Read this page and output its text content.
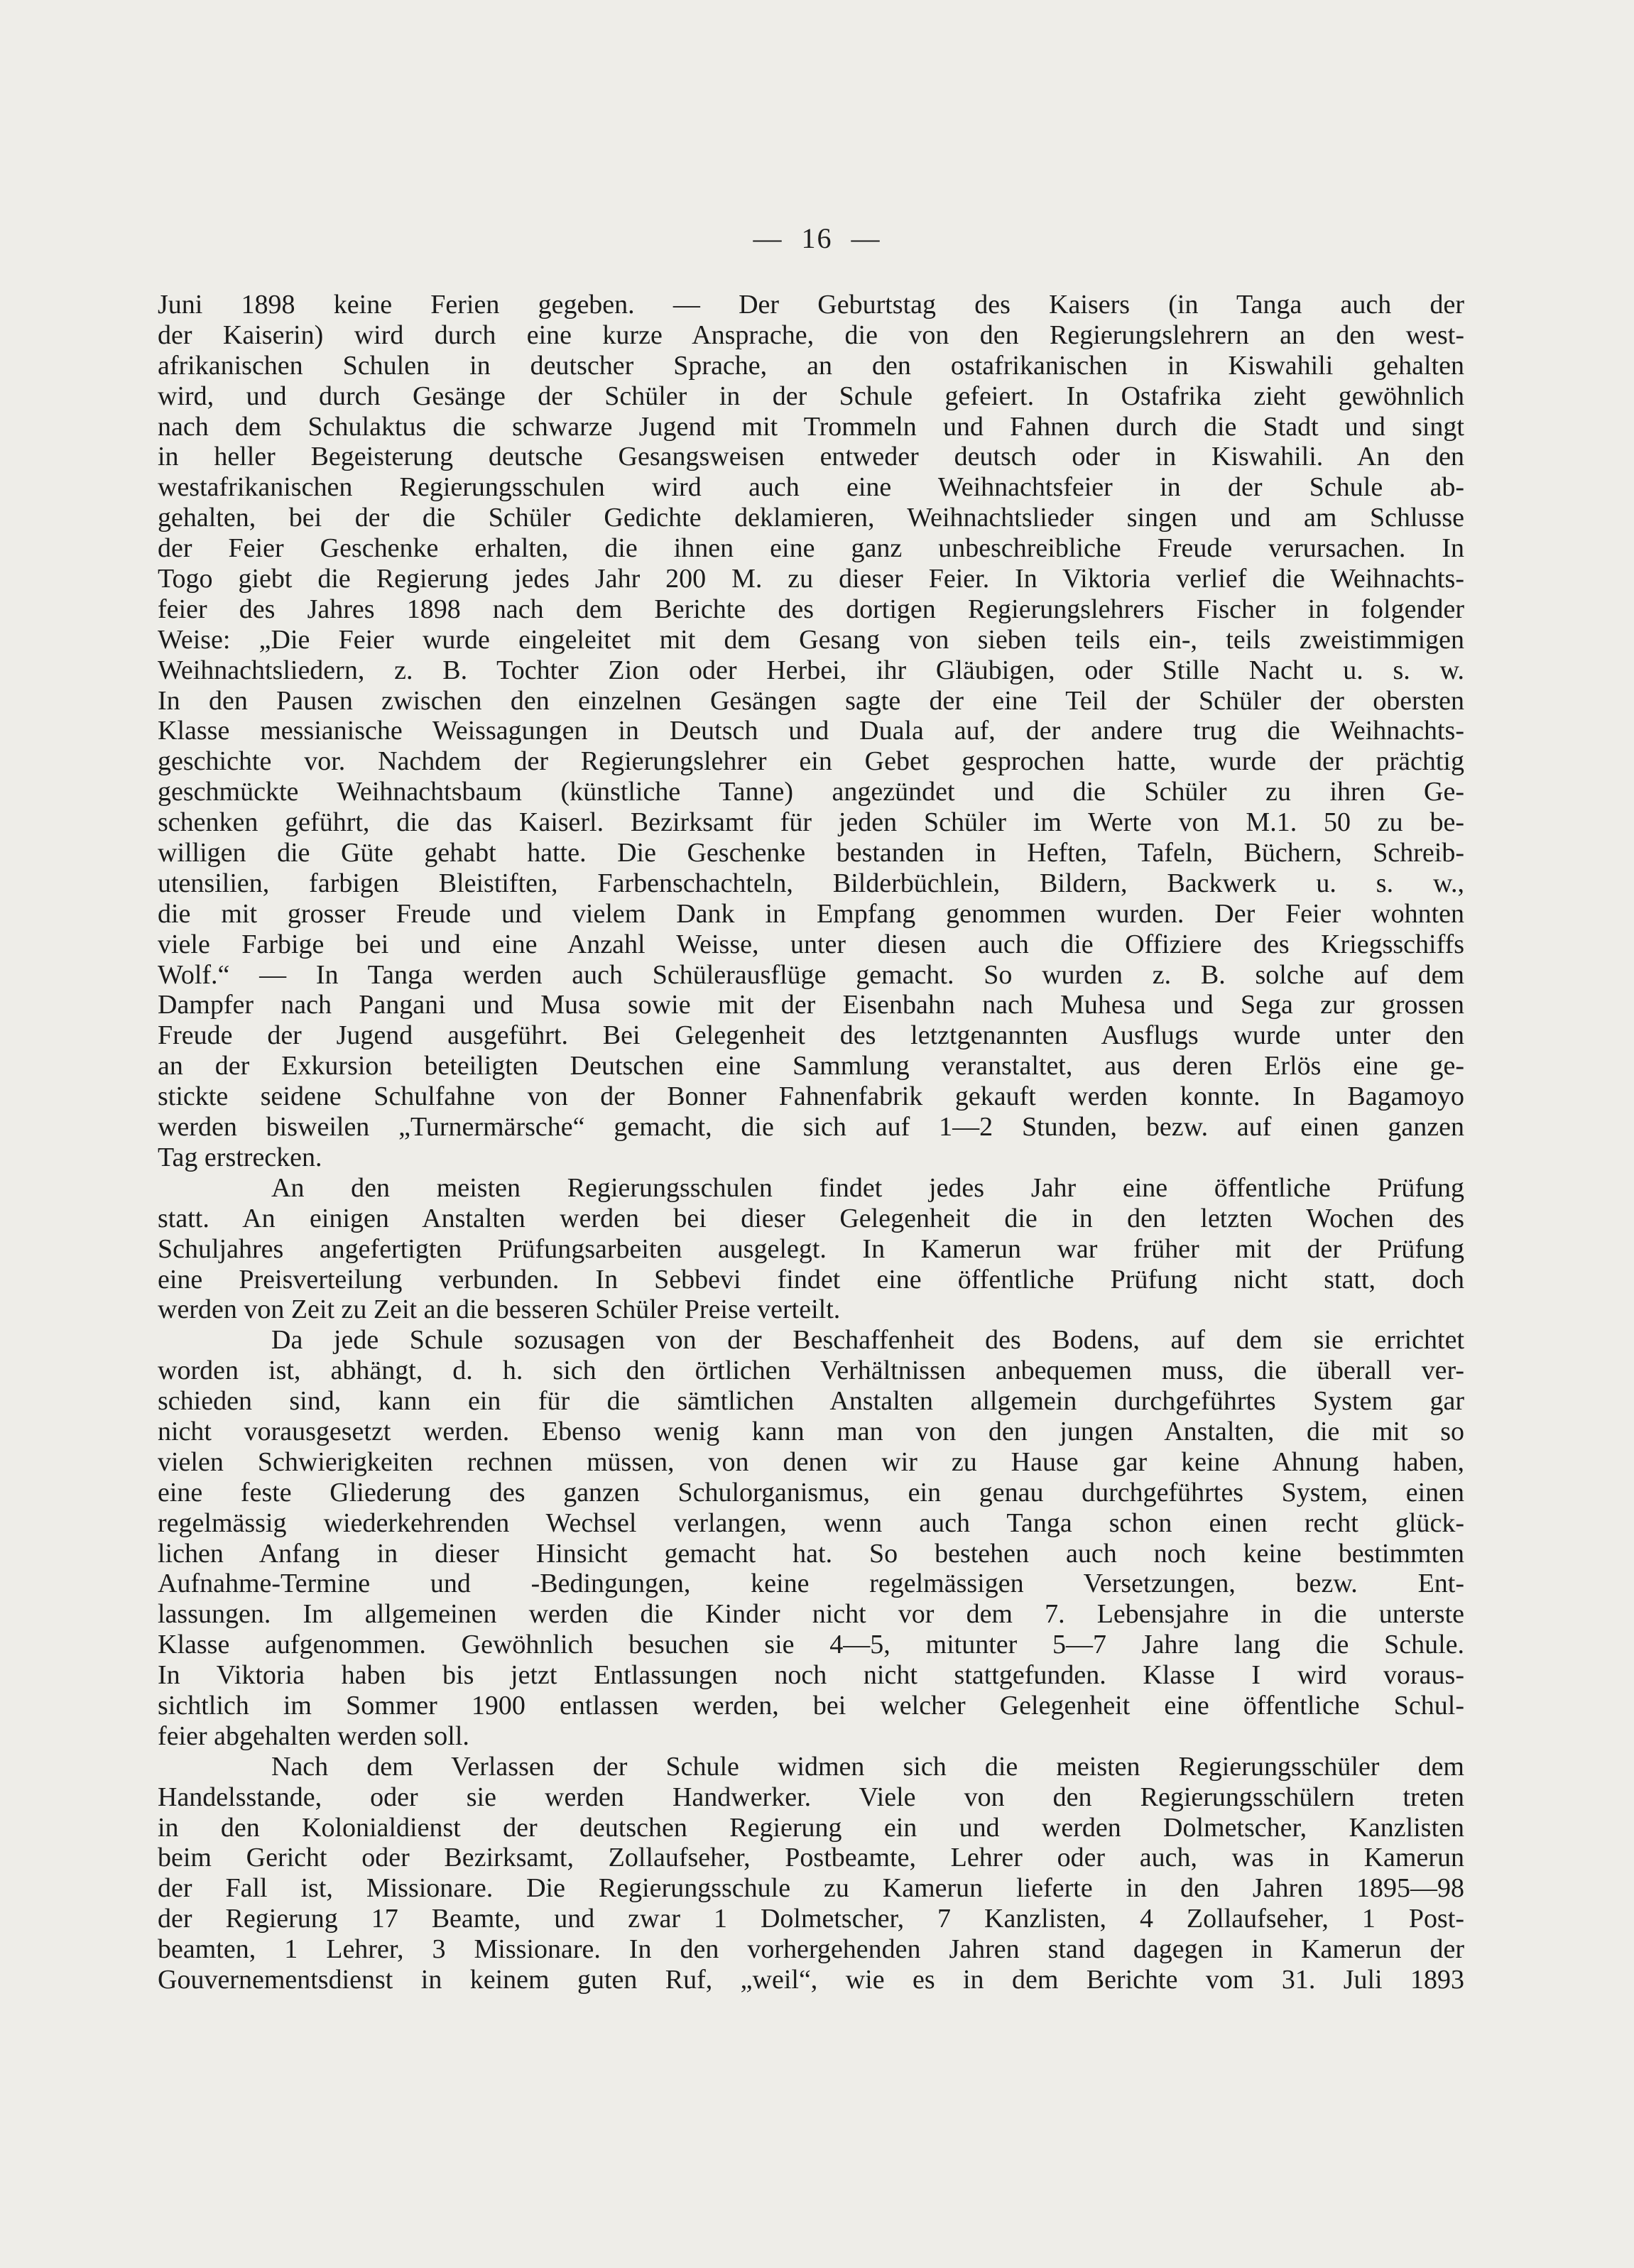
— 16 —
Juni 1898 keine Ferien gegeben. — Der Geburtstag des Kaisers (in Tanga auch der
der Kaiserin) wird durch eine kurze Ansprache, die von den Regierungslehrern an den west-
afrikanischen Schulen in deutscher Sprache, an den ostafrikanischen in Kiswahili gehalten
wird, und durch Gesänge der Schüler in der Schule gefeiert. In Ostafrika zieht gewöhnlich
nach dem Schulaktus die schwarze Jugend mit Trommeln und Fahnen durch die Stadt und singt
in heller Begeisterung deutsche Gesangsweisen entweder deutsch oder in Kiswahili. An den
westafrikanischen Regierungsschulen wird auch eine Weihnachtsfeier in der Schule ab-
gehalten, bei der die Schüler Gedichte deklamieren, Weihnachtslieder singen und am Schlusse
der Feier Geschenke erhalten, die ihnen eine ganz unbeschreibliche Freude verursachen. In
Togo giebt die Regierung jedes Jahr 200 M. zu dieser Feier. In Viktoria verlief die Weihnachts-
feier des Jahres 1898 nach dem Berichte des dortigen Regierungslehrers Fischer in folgender
Weise: „Die Feier wurde eingeleitet mit dem Gesang von sieben teils ein-, teils zweistimmigen
Weihnachtsliedern, z. B. Tochter Zion oder Herbei, ihr Gläubigen, oder Stille Nacht u. s. w.
In den Pausen zwischen den einzelnen Gesängen sagte der eine Teil der Schüler der obersten
Klasse messianische Weissagungen in Deutsch und Duala auf, der andere trug die Weihnachts-
geschichte vor. Nachdem der Regierungslehrer ein Gebet gesprochen hatte, wurde der prächtig
geschmückte Weihnachtsbaum (künstliche Tanne) angezündet und die Schüler zu ihren Ge-
schenken geführt, die das Kaiserl. Bezirksamt für jeden Schüler im Werte von M.1. 50 zu be-
willigen die Güte gehabt hatte. Die Geschenke bestanden in Heften, Tafeln, Büchern, Schreib-
utensilien, farbigen Bleistiften, Farbenschachteln, Bilderbüchlein, Bildern, Backwerk u. s. w.,
die mit grosser Freude und vielem Dank in Empfang genommen wurden. Der Feier wohnten
viele Farbige bei und eine Anzahl Weisse, unter diesen auch die Offiziere des Kriegsschiffs
Wolf.“ — In Tanga werden auch Schülerausflüge gemacht. So wurden z. B. solche auf dem
Dampfer nach Pangani und Musa sowie mit der Eisenbahn nach Muhesa und Sega zur grossen
Freude der Jugend ausgeführt. Bei Gelegenheit des letztgenannten Ausflugs wurde unter den
an der Exkursion beteiligten Deutschen eine Sammlung veranstaltet, aus deren Erlös eine ge-
stickte seidene Schulfahne von der Bonner Fahnenfabrik gekauft werden konnte. In Bagamoyo
werden bisweilen „Turnermärsche“ gemacht, die sich auf 1—2 Stunden, bezw. auf einen ganzen
Tag erstrecken.
An den meisten Regierungsschulen findet jedes Jahr eine öffentliche Prüfung
statt. An einigen Anstalten werden bei dieser Gelegenheit die in den letzten Wochen des
Schuljahres angefertigten Prüfungsarbeiten ausgelegt. In Kamerun war früher mit der Prüfung
eine Preisverteilung verbunden. In Sebbevi findet eine öffentliche Prüfung nicht statt, doch
werden von Zeit zu Zeit an die besseren Schüler Preise verteilt.
Da jede Schule sozusagen von der Beschaffenheit des Bodens, auf dem sie errichtet
worden ist, abhängt, d. h. sich den örtlichen Verhältnissen anbequemen muss, die überall ver-
schieden sind, kann ein für die sämtlichen Anstalten allgemein durchgeführtes System gar
nicht vorausgesetzt werden. Ebenso wenig kann man von den jungen Anstalten, die mit so
vielen Schwierigkeiten rechnen müssen, von denen wir zu Hause gar keine Ahnung haben,
eine feste Gliederung des ganzen Schulorganismus, ein genau durchgeführtes System, einen
regelmässig wiederkehrenden Wechsel verlangen, wenn auch Tanga schon einen recht glück-
lichen Anfang in dieser Hinsicht gemacht hat. So bestehen auch noch keine bestimmten
Aufnahme-Termine und -Bedingungen, keine regelmässigen Versetzungen, bezw. Ent-
lassungen. Im allgemeinen werden die Kinder nicht vor dem 7. Lebensjahre in die unterste
Klasse aufgenommen. Gewöhnlich besuchen sie 4—5, mitunter 5—7 Jahre lang die Schule.
In Viktoria haben bis jetzt Entlassungen noch nicht stattgefunden. Klasse I wird voraus-
sichtlich im Sommer 1900 entlassen werden, bei welcher Gelegenheit eine öffentliche Schul-
feier abgehalten werden soll.
Nach dem Verlassen der Schule widmen sich die meisten Regierungsschüler dem
Handelsstande, oder sie werden Handwerker. Viele von den Regierungsschülern treten
in den Kolonialdienst der deutschen Regierung ein und werden Dolmetscher, Kanzlisten
beim Gericht oder Bezirksamt, Zollaufseher, Postbeamte, Lehrer oder auch, was in Kamerun
der Fall ist, Missionare. Die Regierungsschule zu Kamerun lieferte in den Jahren 1895—98
der Regierung 17 Beamte, und zwar 1 Dolmetscher, 7 Kanzlisten, 4 Zollaufseher, 1 Post-
beamten, 1 Lehrer, 3 Missionare. In den vorhergehenden Jahren stand dagegen in Kamerun der
Gouvernementsdienst in keinem guten Ruf, „weil“, wie es in dem Berichte vom 31. Juli 1893
